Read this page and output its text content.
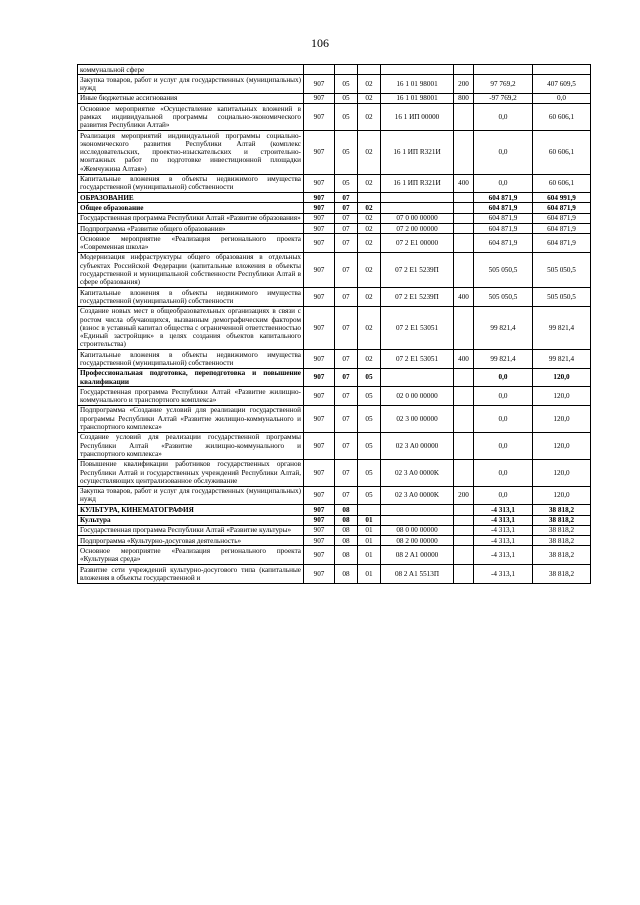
106
коммунальной сфере							
Закупка товаров, работ и услуг для государственных (муниципальных) нужд	907	05	02	16 1 01 98001	200	97 769,2	407 609,5
Иные бюджетные ассигнования	907	05	02	16 1 01 98001	800	-97 769,2	0,0
Основное мероприятие «Осуществление капитальных вложений в рамках индивидуальной программы социально-экономического развития Республики Алтай»	907	05	02	16 1 ИП 00000		0,0	60 606,1
Реализация мероприятий индивидуальной программы социально-экономического развития Республики Алтай (комплекс исследовательских, проектно-изыскательских и строительно-монтажных работ по подготовке инвестиционной площадки «Жемчужина Алтая»)	907	05	02	16 1 ИП R321И		0,0	60 606,1
Капитальные вложения в объекты недвижимого имущества государственной (муниципальной) собственности	907	05	02	16 1 ИП R321И	400	0,0	60 606,1
ОБРАЗОВАНИЕ	907	07				604 871,9	604 991,9
Общее образование	907	07	02			604 871,9	604 871,9
Государственная программа Республики Алтай «Развитие образования»	907	07	02	07 0 00 00000		604 871,9	604 871,9
Подпрограмма «Развитие общего образования»	907	07	02	07 2 00 00000		604 871,9	604 871,9
Основное мероприятие «Реализация регионального проекта «Современная школа»	907	07	02	07 2 E1 00000		604 871,9	604 871,9
Модернизация инфраструктуры общего образования в отдельных субъектах Российской Федерации (капитальные вложения в объекты государственной и муниципальной собственности Республики Алтай в сфере образования)	907	07	02	07 2 E1 5239П		505 050,5	505 050,5
Капитальные вложения в объекты недвижимого имущества государственной (муниципальной) собственности	907	07	02	07 2 E1 5239П	400	505 050,5	505 050,5
Создание новых мест в общеобразовательных организациях в связи с ростом числа обучающихся, вызванным демографическим фактором (взнос в уставный капитал общества с ограниченной ответственностью «Единый застройщик» в целях создания объектов капитального строительства)	907	07	02	07 2 E1 53051		99 821,4	99 821,4
Капитальные вложения в объекты недвижимого имущества государственной (муниципальной) собственности	907	07	02	07 2 E1 53051	400	99 821,4	99 821,4
Профессиональная подготовка, переподготовка и повышение квалификации	907	07	05			0,0	120,0
Государственная программа Республики Алтай «Развитие жилищно-коммунального и транспортного комплекса»	907	07	05	02 0 00 00000		0,0	120,0
Подпрограмма «Создание условий для реализации государственной программы Республики Алтай «Развитие жилищно-коммунального и транспортного комплекса»	907	07	05	02 3 00 00000		0,0	120,0
Создание условий для реализации государственной программы Республики Алтай «Развитие жилищно-коммунального и транспортного комплекса»	907	07	05	02 3 A0 00000		0,0	120,0
Повышение квалификации работников государственных органов Республики Алтай и государственных учреждений Республики Алтай, осуществляющих централизованное обслуживание	907	07	05	02 3 A0 0000K		0,0	120,0
Закупка товаров, работ и услуг для государственных (муниципальных) нужд	907	07	05	02 3 A0 0000K	200	0,0	120,0
КУЛЬТУРА, КИНЕМАТОГРАФИЯ	907	08				-4 313,1	38 818,2
Культура	907	08	01			-4 313,1	38 818,2
Государственная программа Республики Алтай «Развитие культуры»	907	08	01	08 0 00 00000		-4 313,1	38 818,2
Подпрограмма «Культурно-досуговая деятельность»	907	08	01	08 2 00 00000		-4 313,1	38 818,2
Основное мероприятие «Реализация регионального проекта «Культурная среда»	907	08	01	08 2 A1 00000		-4 313,1	38 818,2
Развитие сети учреждений культурно-досугового типа (капитальные вложения в объекты государственной и	907	08	01	08 2 A1 5513П		-4 313,1	38 818,2
